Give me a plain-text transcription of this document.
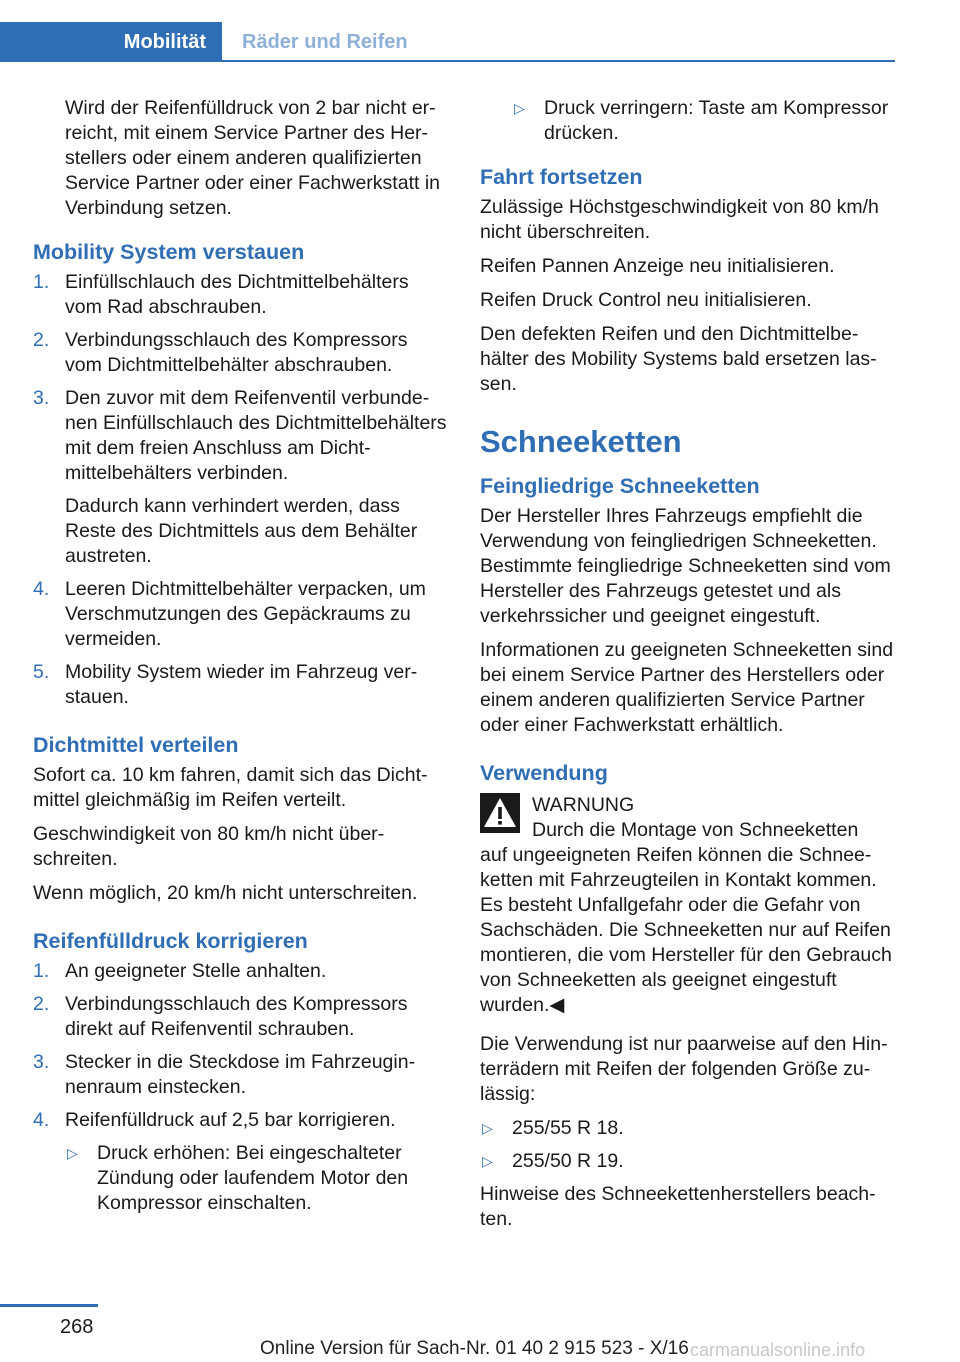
Mobilität	Räder und Reifen

Wird der Reifenfülldruck von 2 bar nicht erreicht, mit einem Service Partner des Herstellers oder einem anderen qualifizierten Service Partner oder einer Fachwerkstatt in Verbindung setzen.

Mobility System verstauen
1. Einfüllschlauch des Dichtmittelbehälters vom Rad abschrauben.
2. Verbindungsschlauch des Kompressors vom Dichtmittelbehälter abschrauben.
3. Den zuvor mit dem Reifenventil verbundenen Einfüllschlauch des Dichtmittelbehälters mit dem freien Anschluss am Dichtmittelbehälters verbinden.
Dadurch kann verhindert werden, dass Reste des Dichtmittels aus dem Behälter austreten.
4. Leeren Dichtmittelbehälter verpacken, um Verschmutzungen des Gepäckraums zu vermeiden.
5. Mobility System wieder im Fahrzeug verstauen.
Dichtmittel verteilen

Sofort ca. 10 km fahren, damit sich das Dichtmittel gleichmäßig im Reifen verteilt.

Geschwindigkeit von 80 km/h nicht überschreiten.

Wenn möglich, 20 km/h nicht unterschreiten.

Reifenfülldruck korrigieren
1. An geeigneter Stelle anhalten.
2. Verbindungsschlauch des Kompressors direkt auf Reifenventil schrauben.
3. Stecker in die Steckdose im Fahrzeuginnenraum einstecken.
4. Reifenfülldruck auf 2,5 bar korrigieren.
▷ Druck erhöhen: Bei eingeschalteter Zündung oder laufendem Motor den Kompressor einschalten.
▷ Druck verringern: Taste am Kompressor drücken.
Fahrt fortsetzen

Zulässige Höchstgeschwindigkeit von 80 km/h nicht überschreiten.

Reifen Pannen Anzeige neu initialisieren.

Reifen Druck Control neu initialisieren.

Den defekten Reifen und den Dichtmittelbehälter des Mobility Systems bald ersetzen lassen.

Schneeketten
Feingliedrige Schneeketten

Der Hersteller Ihres Fahrzeugs empfiehlt die Verwendung von feingliedrigen Schneeketten. Bestimmte feingliedrige Schneeketten sind vom Hersteller des Fahrzeugs getestet und als verkehrssicher und geeignet eingestuft.

Informationen zu geeigneten Schneeketten sind bei einem Service Partner des Herstellers oder einem anderen qualifizierten Service Partner oder einer Fachwerkstatt erhältlich.

Verwendung
WARNUNG
Durch die Montage von Schneeketten
auf ungeeigneten Reifen können die Schneeketten mit Fahrzeugteilen in Kontakt kommen. Es besteht Unfallgefahr oder die Gefahr von Sachschäden. Die Schneeketten nur auf Reifen montieren, die vom Hersteller für den Gebrauch von Schneeketten als geeignet eingestuft wurden.◀

Die Verwendung ist nur paarweise auf den Hinterrädern mit Reifen der folgenden Größe zulässig:

▷ 255/55 R 18.
▷ 255/50 R 19.

Hinweise des Schneekettenherstellers beachten.

268
Online Version für Sach-Nr. 01 40 2 915 523 - X/16 carmanualsonline.info
